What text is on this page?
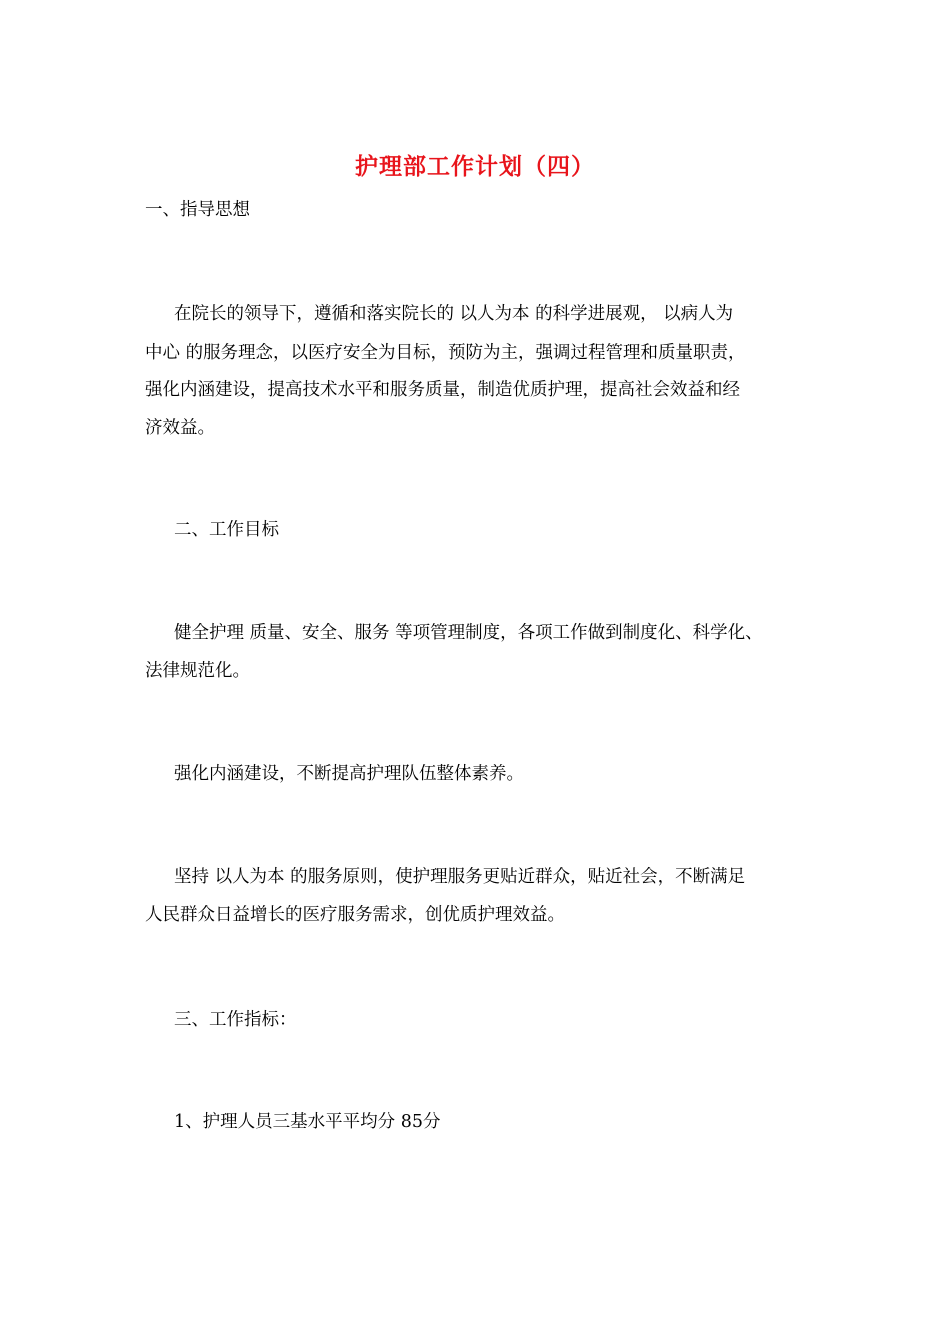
护理部工作计划（四）
一、指导思想
在院长的领导下，遵循和落实院长的 以人为本 的科学进展观， 以病人为
中心 的服务理念，以医疗安全为目标，预防为主，强调过程管理和质量职责，
强化内涵建设，提高技术水平和服务质量，制造优质护理，提高社会效益和经
济效益。
二、工作目标
健全护理 质量、安全、服务 等项管理制度，各项工作做到制度化、科学化、
法律规范化。
强化内涵建设，不断提高护理队伍整体素养。
坚持 以人为本 的服务原则，使护理服务更贴近群众，贴近社会，不断满足
人民群众日益增长的医疗服务需求，创优质护理效益。
三、工作指标：
1、护理人员三基水平平均分 85分
